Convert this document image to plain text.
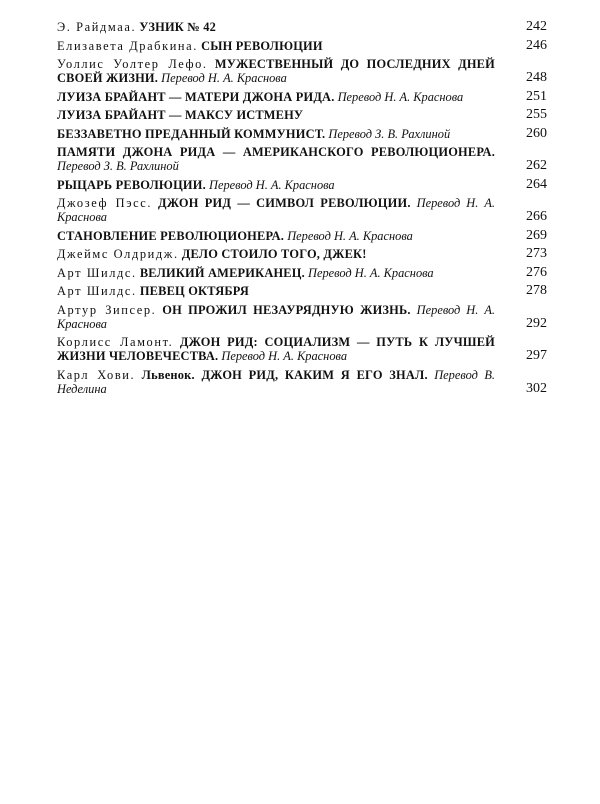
Э. Райдмаа. УЗНИК № 42	242
Елизавета Драбкина. СЫН РЕВОЛЮЦИИ	246
Уоллис Уолтер Лефо. МУЖЕСТВЕННЫЙ ДО ПОСЛЕДНИХ ДНЕЙ СВОЕЙ ЖИЗНИ. Перевод Н. А. Краснова	248
ЛУИЗА БРАЙАНТ — МАТЕРИ ДЖОНА РИДА. Перевод Н. А. Краснова	251
ЛУИЗА БРАЙАНТ — МАКСУ ИСТМЕНУ	255
БЕЗЗАВЕТНО ПРЕДАННЫЙ КОММУНИСТ. Перевод З. В. Рахлиной	260
ПАМЯТИ ДЖОНА РИДА — АМЕРИКАНСКОГО РЕВОЛЮЦИОНЕРА. Перевод З. В. Рахлиной	262
РЫЦАРЬ РЕВОЛЮЦИИ. Перевод Н. А. Краснова	264
Джозеф Пэсс. ДЖОН РИД — СИМВОЛ РЕВОЛЮЦИИ. Перевод Н. А. Краснова	266
СТАНОВЛЕНИЕ РЕВОЛЮЦИОНЕРА. Перевод Н. А. Краснова	269
Джеймс Олдридж. ДЕЛО СТОИЛО ТОГО, ДЖЕК!	273
Арт Шилдс. ВЕЛИКИЙ АМЕРИКАНЕЦ. Перевод Н. А. Краснова	276
Арт Шилдс. ПЕВЕЦ ОКТЯБРЯ	278
Артур Зипсер. ОН ПРОЖИЛ НЕЗАУРЯДНУЮ ЖИЗНЬ. Перевод Н. А. Краснова	292
Корлисс Ламонт. ДЖОН РИД: СОЦИАЛИЗМ — ПУТЬ К ЛУЧШЕЙ ЖИЗНИ ЧЕЛОВЕЧЕСТВА. Перевод Н. А. Краснова	297
Карл Хови. Львенок. ДЖОН РИД, КАКИМ Я ЕГО ЗНАЛ. Перевод В. Неделина	302
